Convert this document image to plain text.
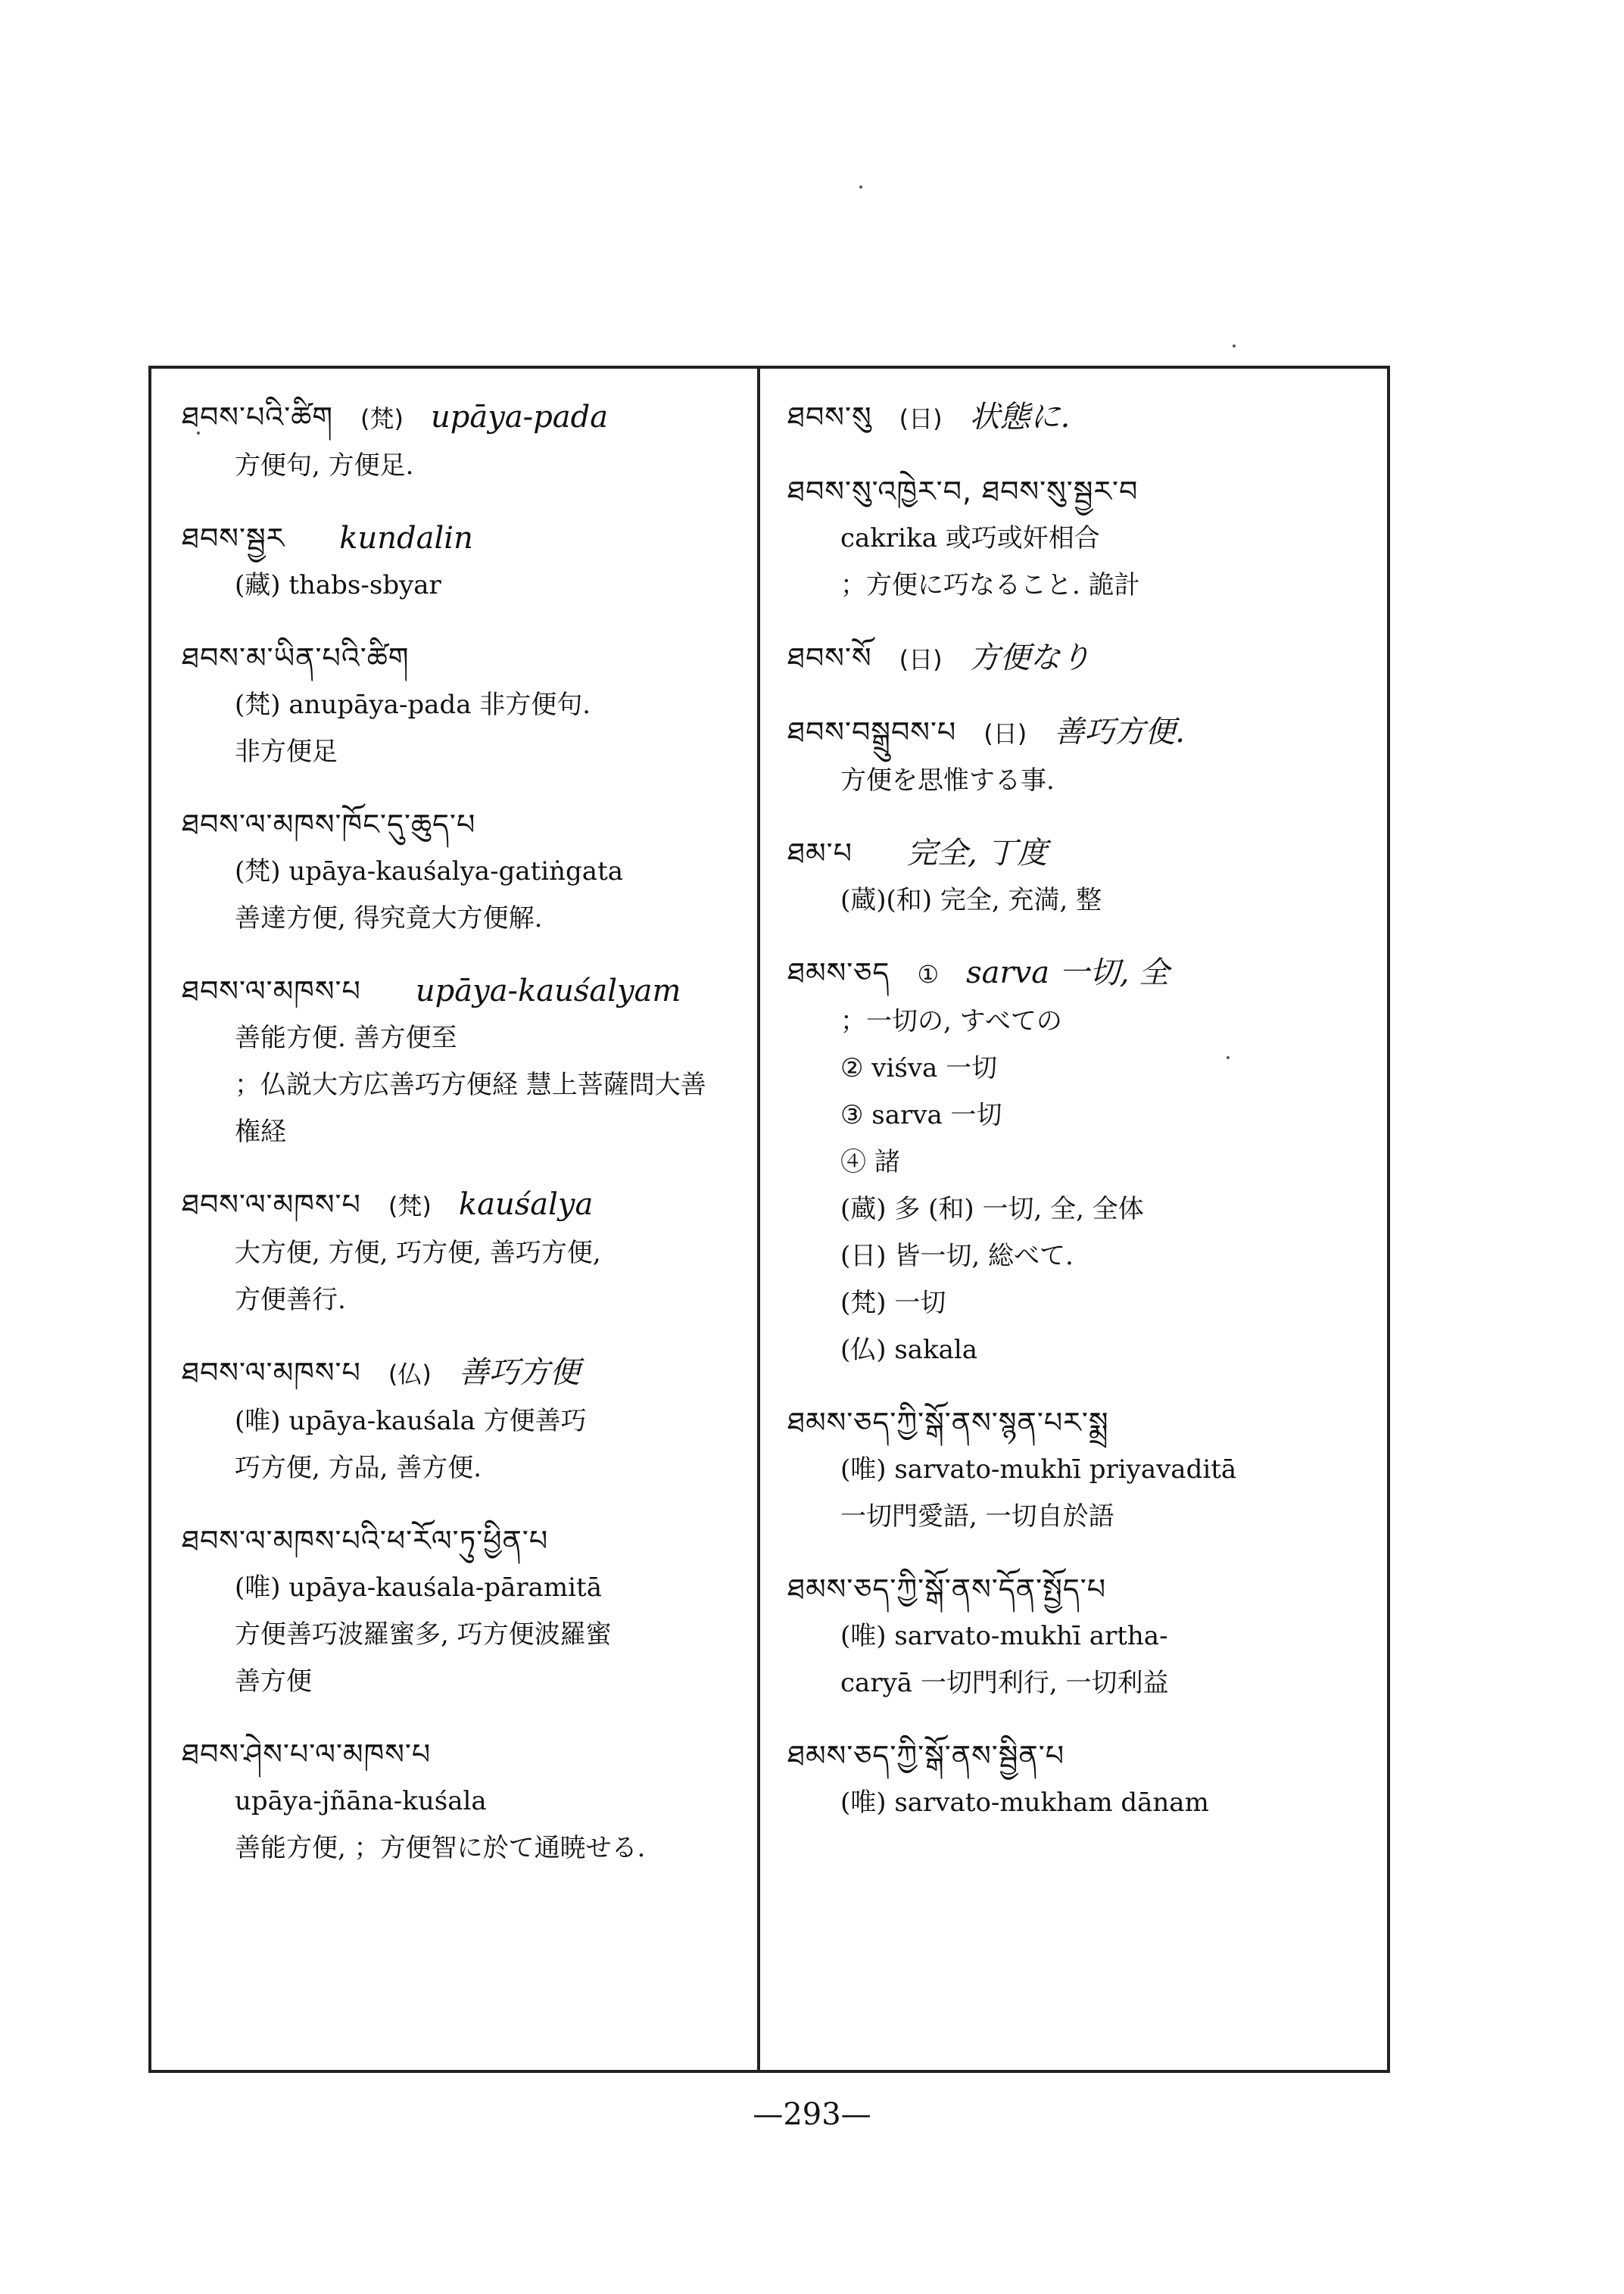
ཐབས་པའི་ཚིག (梵) upāya-pada
方便句, 方便足.
ཐབས་སྦྱར kundalin
(藏) thabs-sbyar
ཐབས་མ་ཡིན་པའི་ཚིག
(梵) anupāya-pada 非方便句.
非方便足
ཐབས་ལ་མཁས་ཁོང་དུ་ཆུད་པ
(梵) upāya-kauśalya-gatiṅgata
善達方便, 得究竟大方便解.
ཐབས་ལ་མཁས་པ upāya-kauśalyam
善能方便. 善方便至
；仏説大方広善巧方便経 慧上菩薩問大善
権経
ཐབས་ལ་མཁས་པ (梵) kauśalya
大方便, 方便, 巧方便, 善巧方便,
方便善行.
ཐབས་ལ་མཁས་པ (仏) 善巧方便
(唯) upāya-kauśala 方便善巧
巧方便, 方品, 善方便.
ཐབས་ལ་མཁས་པའི་ཕ་རོལ་ཏུ་ཕྱིན་པ
(唯) upāya-kauśala-pāramitā
方便善巧波羅蜜多, 巧方便波羅蜜
善方便
ཐབས་ཤེས་པ་ལ་མཁས་པ
upāya-jñāna-kuśala
善能方便, ；方便智に於て通暁せる.
ཐབས་སུ (日) 状態に.
ཐབས་སུ་འཁྱེར་བ, ཐབས་སུ་སྦྱར་བ
cakrika 或巧或奸相合
；方便に巧なること. 詭計
ཐབས་སོ (日) 方便なり
ཐབས་བསྒྲུབས་པ (日) 善巧方便.
方便を思惟する事.
ཐམ་པ 完全, 丁度
(蔵)(和) 完全, 充満, 整
ཐམས་ཅད ① sarva 一切, 全
；一切の, すべての
② viśva 一切
③ sarva 一切
④ 諸
(蔵) 多 (和) 一切, 全, 全体
(日) 皆一切, 総べて.
(梵) 一切
(仏) sakala
ཐམས་ཅད་ཀྱི་སྒོ་ནས་སྙན་པར་སྨྲ
(唯) sarvato-mukhī priyavaditā
一切門愛語, 一切自於語
ཐམས་ཅད་ཀྱི་སྒོ་ནས་དོན་སྤྱོད་པ
(唯) sarvato-mukhī artha-
caryā 一切門利行, 一切利益
ཐམས་ཅད་ཀྱི་སྒོ་ནས་སྦྱིན་པ
(唯) sarvato-mukham dānam
—293—
